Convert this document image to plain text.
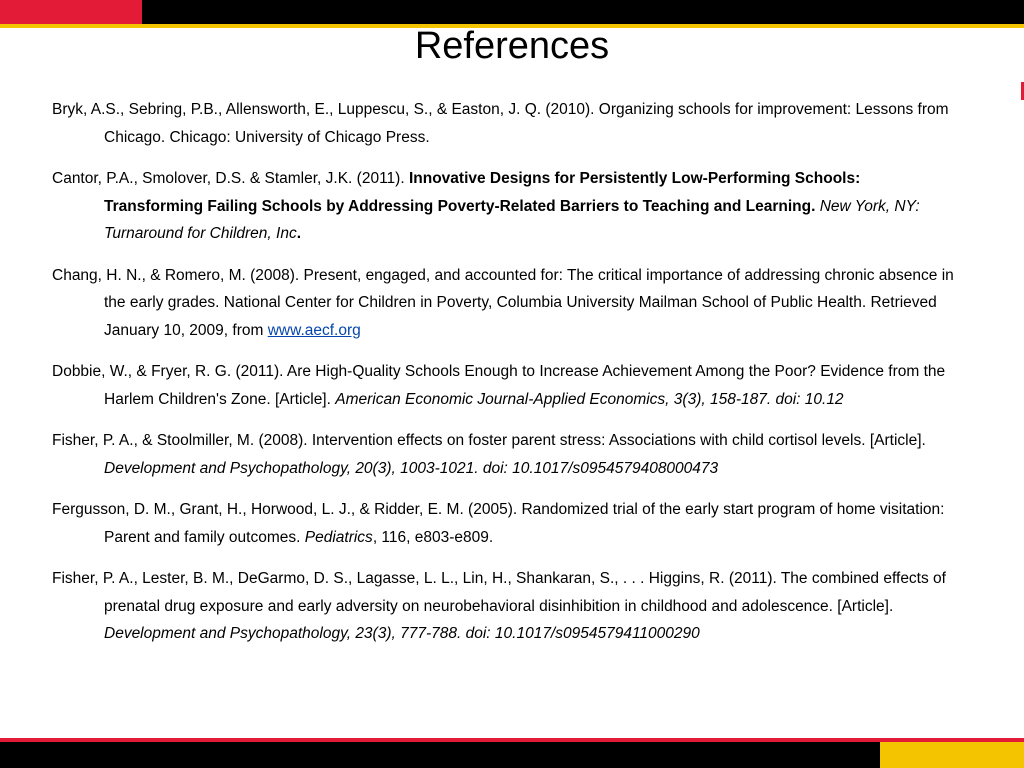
References

Bryk, A.S., Sebring, P.B., Allensworth, E., Luppescu, S., & Easton, J. Q. (2010). Organizing schools for improvement: Lessons from Chicago. Chicago: University of Chicago Press.

Cantor, P.A., Smolover, D.S. & Stamler, J.K. (2011). Innovative Designs for Persistently Low-Performing Schools: Transforming Failing Schools by Addressing Poverty-Related Barriers to Teaching and Learning. New York, NY: Turnaround for Children, Inc.

Chang, H. N., & Romero, M. (2008). Present, engaged, and accounted for: The critical importance of addressing chronic absence in the early grades. National Center for Children in Poverty, Columbia University Mailman School of Public Health. Retrieved January 10, 2009, from www.aecf.org

Dobbie, W., & Fryer, R. G. (2011). Are High-Quality Schools Enough to Increase Achievement Among the Poor? Evidence from the Harlem Children's Zone. [Article]. American Economic Journal-Applied Economics, 3(3), 158-187. doi: 10.12

Fisher, P. A., & Stoolmiller, M. (2008). Intervention effects on foster parent stress: Associations with child cortisol levels. [Article]. Development and Psychopathology, 20(3), 1003-1021. doi: 10.1017/s0954579408000473

Fergusson, D. M., Grant, H., Horwood, L. J., & Ridder, E. M. (2005). Randomized trial of the early start program of home visitation: Parent and family outcomes. Pediatrics, 116, e803-e809.

Fisher, P. A., Lester, B. M., DeGarmo, D. S., Lagasse, L. L., Lin, H., Shankaran, S., . . . Higgins, R. (2011). The combined effects of prenatal drug exposure and early adversity on neurobehavioral disinhibition in childhood and adolescence. [Article]. Development and Psychopathology, 23(3), 777-788. doi: 10.1017/s0954579411000290
